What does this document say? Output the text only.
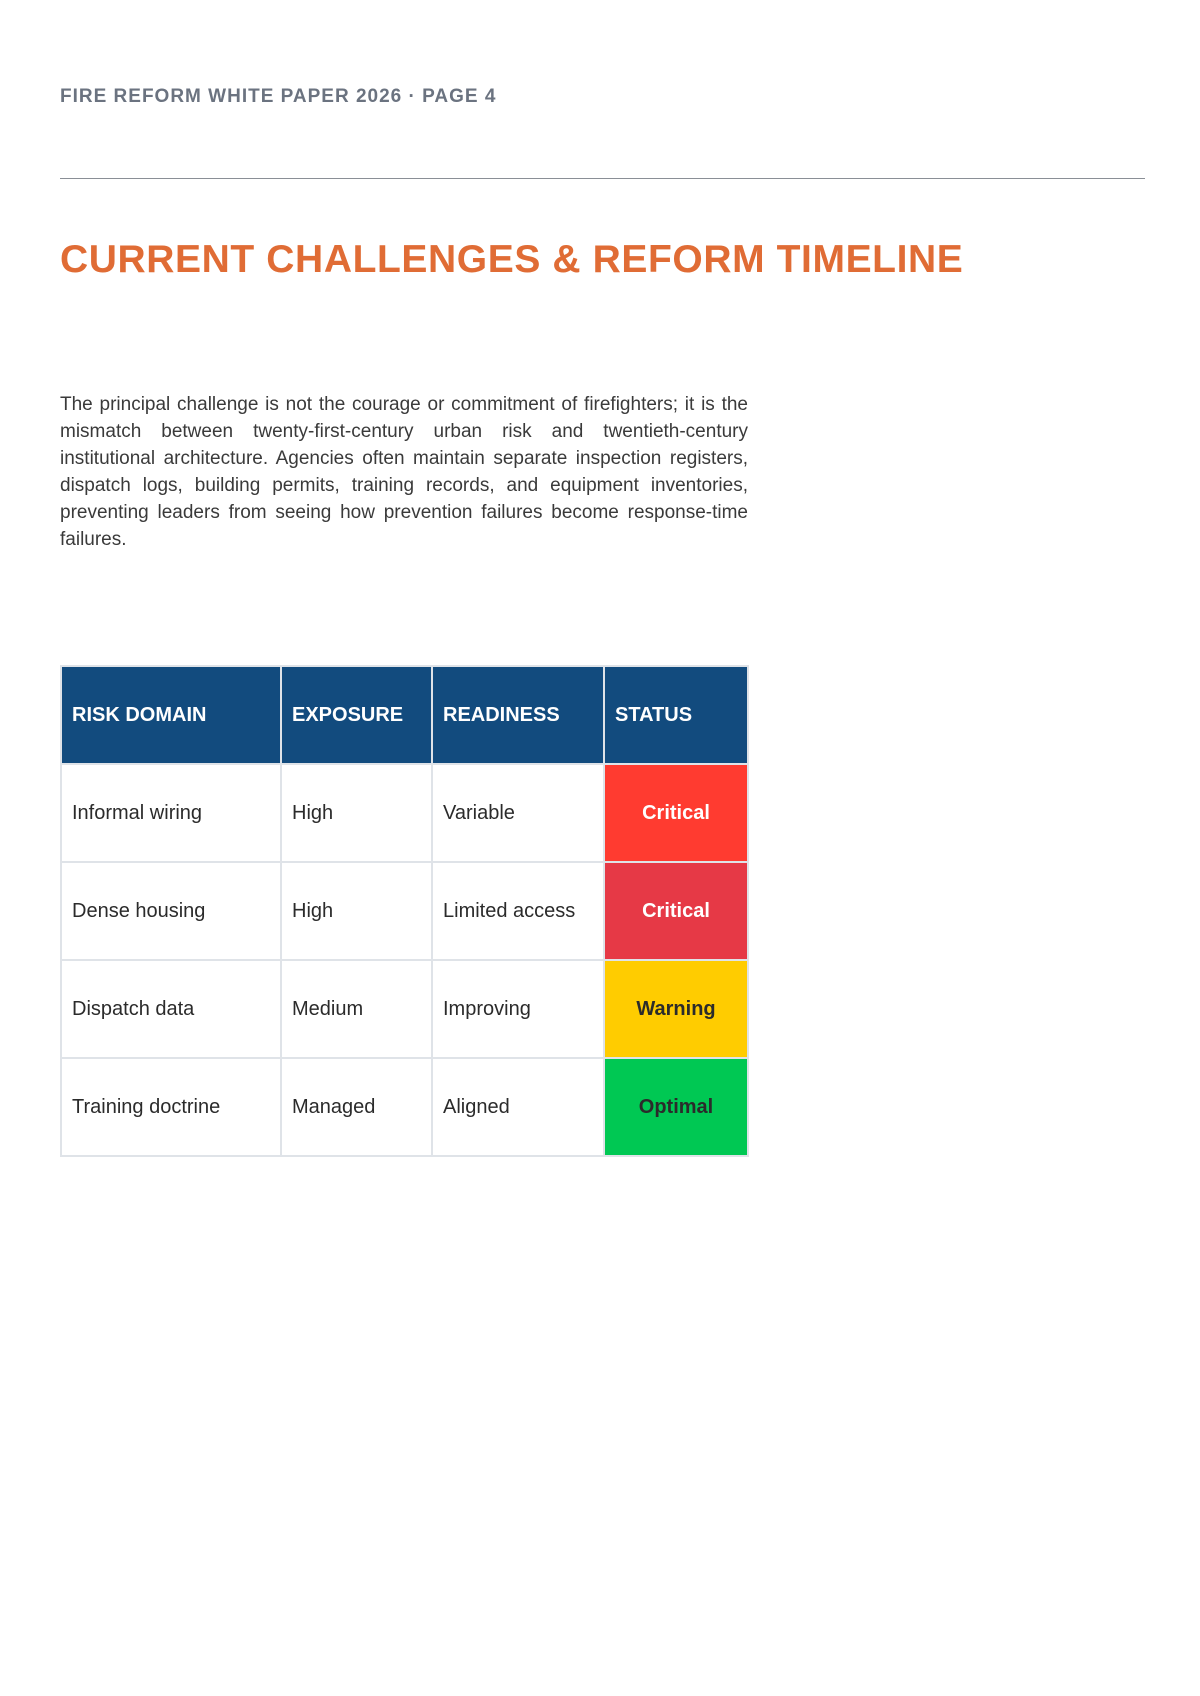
FIRE REFORM WHITE PAPER 2026 · PAGE 4
CURRENT CHALLENGES & REFORM TIMELINE

The principal challenge is not the courage or commitment of firefighters; it is the mismatch between twenty-first-century urban risk and twentieth-century institutional architecture. Agencies often maintain separate inspection registers, dispatch logs, building permits, training records, and equipment inventories, preventing leaders from seeing how prevention failures become response-time failures.

RISK DOMAIN	EXPOSURE	READINESS	STATUS
Informal wiring	High	Variable	Critical
Dense housing	High	Limited access	Critical
Dispatch data	Medium	Improving	Warning
Training doctrine	Managed	Aligned	Optimal
